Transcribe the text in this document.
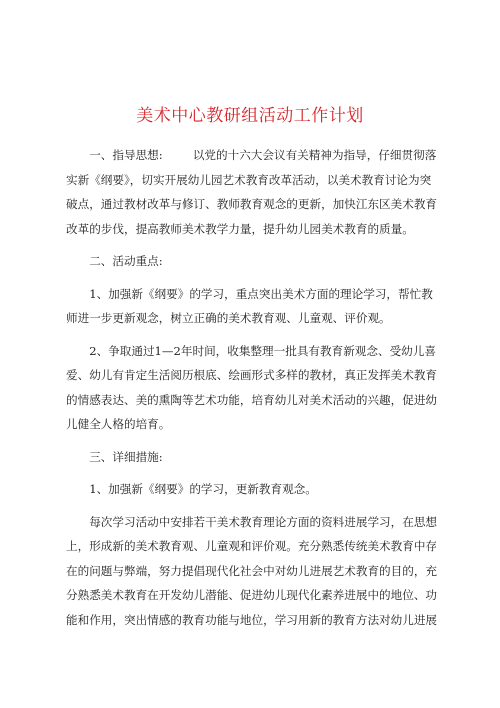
美术中心教研组活动工作计划

一、指导思想:	以党的十六大会议有关精神为指导，仔细贯彻落实新《纲要》，切实开展幼儿园艺术教育改革活动，以美术教育讨论为突破点，通过教材改革与修订、教师教育观念的更新，加快江东区美术教育改革的步伐，提高教师美术教学力量，提升幼儿园美术教育的质量。

二、活动重点:

1、加强新《纲要》的学习，重点突出美术方面的理论学习，帮忙教师进一步更新观念，树立正确的美术教育观、儿童观、评价观。

2、争取通过1—2年时间，收集整理一批具有教育新观念、受幼儿喜爱、幼儿有肯定生活阅历根底、绘画形式多样的教材，真正发挥美术教育的情感表达、美的熏陶等艺术功能，培育幼儿对美术活动的兴趣，促进幼儿健全人格的培育。

三、详细措施:

1、加强新《纲要》的学习，更新教育观念。

每次学习活动中安排若干美术教育理论方面的资料进展学习，在思想上，形成新的美术教育观、儿童观和评价观。充分熟悉传统美术教育中存在的问题与弊端，努力提倡现代化社会中对幼儿进展艺术教育的目的，充分熟悉美术教育在开发幼儿潜能、促进幼儿现代化素养进展中的地位、功能和作用，突出情感的教育功能与地位，学习用新的教育方法对幼儿进展
